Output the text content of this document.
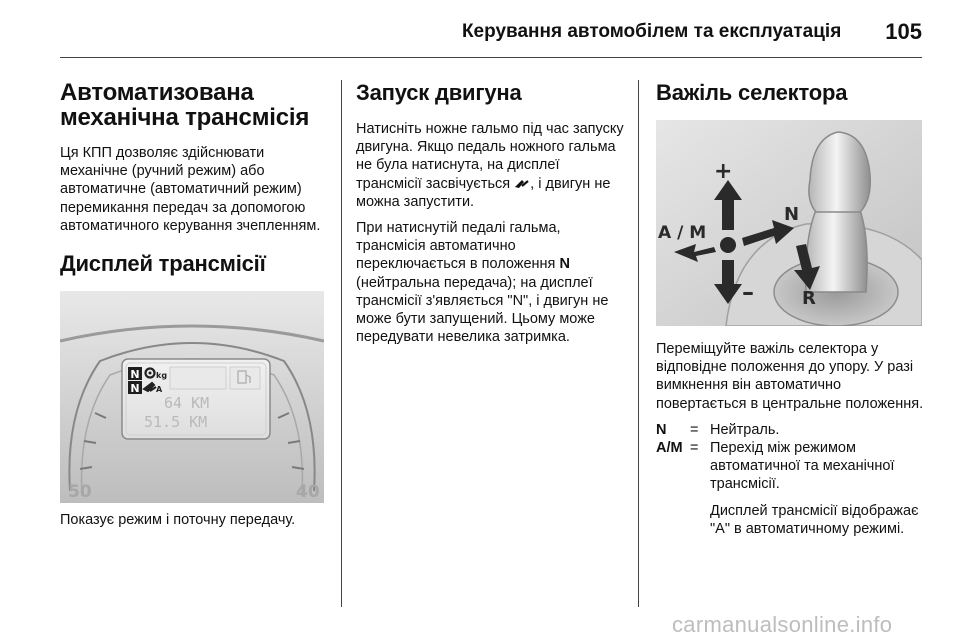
Керування автомобілем та експлуатація 105
Автоматизована механічна трансмісія

Ця КПП дозволяє здійснювати механічне (ручний режим) або автоматичне (автоматичний режим) перемикання передач за допомогою автоматичного керування зчепленням.

Дисплей трансмісії
N
N
kg
A
64 KM
51.5 KM
50	40

Показує режим і поточну передачу.

Запуск двигуна

Натисніть ножне гальмо під час запуску двигуна. Якщо педаль ножного гальма не була натиснута, на дисплеї трансмісії засвічується , і двигун не можна запустити.

При натиснутій педалі гальма, трансмісія автоматично переключається в положення N (нейтральна передача); на дисплеї трансмісії з'являється "N", і двигун не може бути запущений. Цьому може передувати невелика затримка.

Важіль селектора
+
–
A / M
N
R

Переміщуйте важіль селектора у відповідне положення до упору. У разі вимкнення він автоматично повертається в центральне положення.

N	= Нейтраль.
A/M = Перехід між режимом автоматичної та механічної трансмісії.
Дисплей трансмісії відображає "A" в автоматичному режимі.
carmanualsonline.info
